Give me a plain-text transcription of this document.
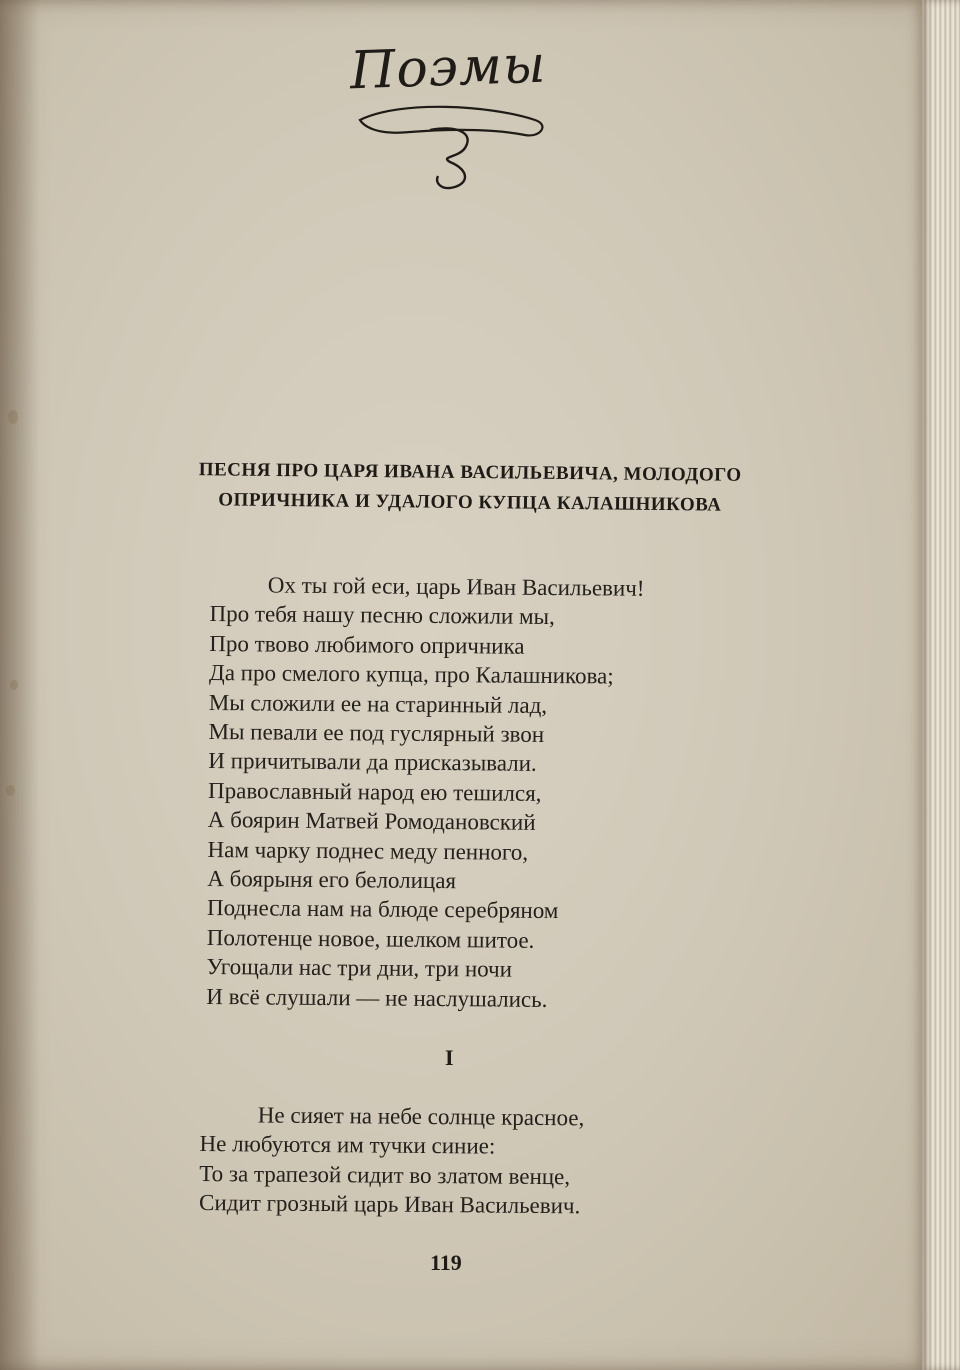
Поэмы
ПЕСНЯ ПРО ЦАРЯ ИВАНА ВАСИЛЬЕВИЧА, МОЛОДОГО
ОПРИЧНИКА И УДАЛОГО КУПЦА КАЛАШНИКОВА
Ох ты гой еси, царь Иван Васильевич!
Про тебя нашу песню сложили мы,
Про твово любимого опричника
Да про смелого купца, про Калашникова;
Мы сложили ее на старинный лад,
Мы певали ее под гуслярный звон
И причитывали да присказывали.
Православный народ ею тешился,
А боярин Матвей Ромодановский
Нам чарку поднес меду пенного,
А боярыня его белолицая
Поднесла нам на блюде серебряном
Полотенце новое, шелком шитое.
Угощали нас три дни, три ночи
И всё слушали — не наслушались.
I
Не сияет на небе солнце красное,
Не любуются им тучки синие:
То за трапезой сидит во златом венце,
Сидит грозный царь Иван Васильевич.
119
